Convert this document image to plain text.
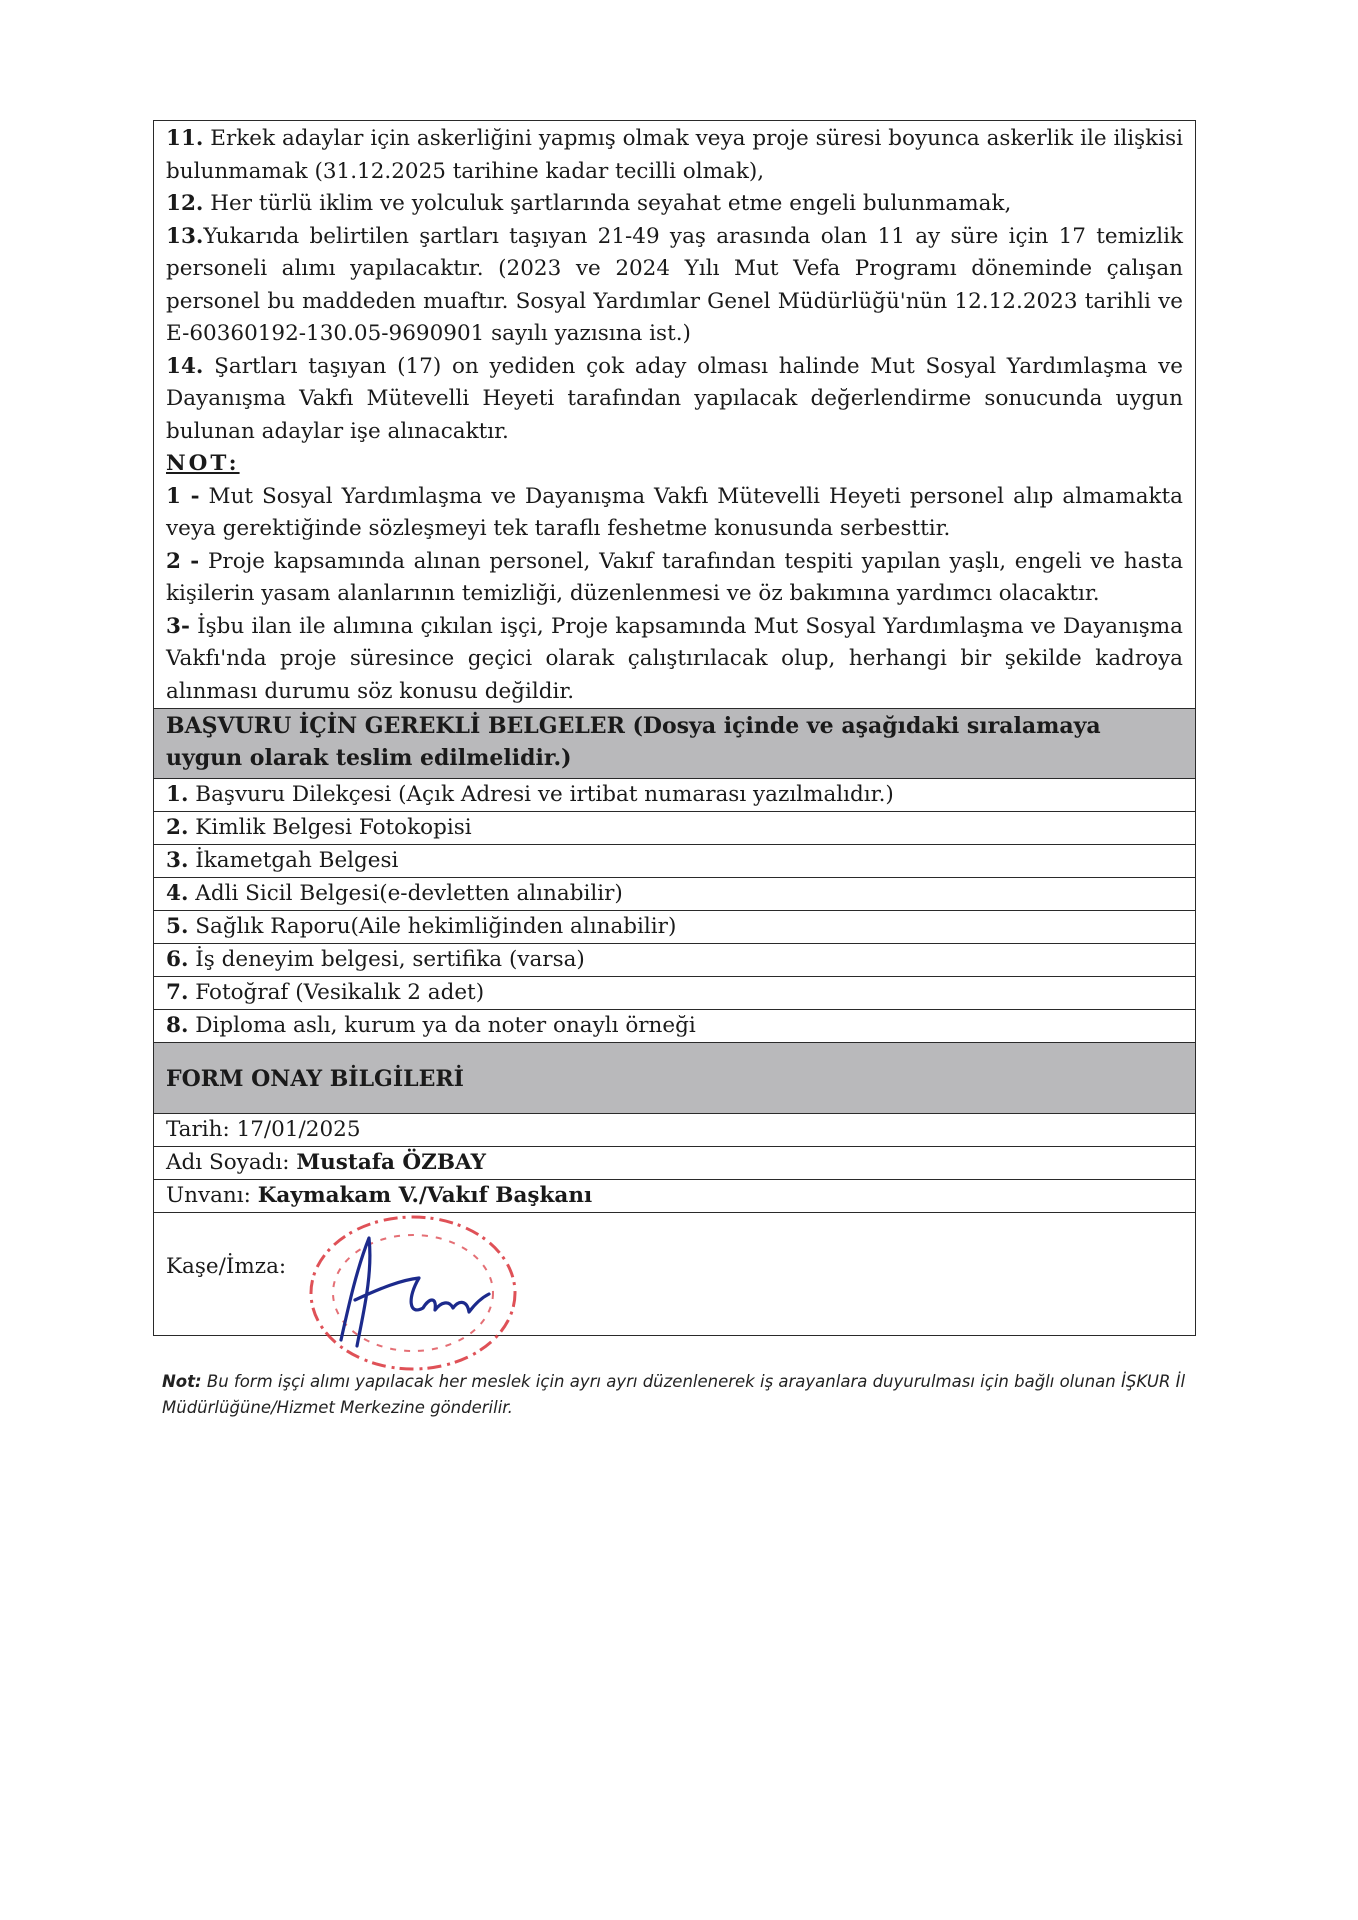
11. Erkek adaylar için askerliğini yapmış olmak veya proje süresi boyunca askerlik ile ilişkisi bulunmamak (31.12.2025 tarihine kadar tecilli olmak),

12. Her türlü iklim ve yolculuk şartlarında seyahat etme engeli bulunmamak,

13.Yukarıda belirtilen şartları taşıyan 21-49 yaş arasında olan 11 ay süre için 17 temizlik personeli alımı yapılacaktır. (2023 ve 2024 Yılı Mut Vefa Programı döneminde çalışan personel bu maddeden muaftır. Sosyal Yardımlar Genel Müdürlüğü'nün 12.12.2023 tarihli ve E-60360192-130.05-9690901 sayılı yazısına ist.)

14. Şartları taşıyan (17) on yediden çok aday olması halinde Mut Sosyal Yardımlaşma ve Dayanışma Vakfı Mütevelli Heyeti tarafından yapılacak değerlendirme sonucunda uygun bulunan adaylar işe alınacaktır.

NOT:

1 - Mut Sosyal Yardımlaşma ve Dayanışma Vakfı Mütevelli Heyeti personel alıp almamakta veya gerektiğinde sözleşmeyi tek taraflı feshetme konusunda serbesttir.

2 - Proje kapsamında alınan personel, Vakıf tarafından tespiti yapılan yaşlı, engeli ve hasta kişilerin yasam alanlarının temizliği, düzenlenmesi ve öz bakımına yardımcı olacaktır.

3- İşbu ilan ile alımına çıkılan işçi, Proje kapsamında Mut Sosyal Yardımlaşma ve Dayanışma Vakfı'nda proje süresince geçici olarak çalıştırılacak olup, herhangi bir şekilde kadroya alınması durumu söz konusu değildir.

BAŞVURU İÇİN GEREKLİ BELGELER (Dosya içinde ve aşağıdaki sıralamaya uygun olarak teslim edilmelidir.)
1. Başvuru Dilekçesi (Açık Adresi ve irtibat numarası yazılmalıdır.)
2. Kimlik Belgesi Fotokopisi
3. İkametgah Belgesi
4. Adli Sicil Belgesi(e-devletten alınabilir)
5. Sağlık Raporu(Aile hekimliğinden alınabilir)
6. İş deneyim belgesi, sertifika (varsa)
7. Fotoğraf (Vesikalık 2 adet)
8. Diploma aslı, kurum ya da noter onaylı örneği
FORM ONAY BİLGİLERİ
Tarih: 17/01/2025
Adı Soyadı: Mustafa ÖZBAY
Unvanı: Kaymakam V./Vakıf Başkanı

Kaşe/İmza:
Not: Bu form işçi alımı yapılacak her meslek için ayrı ayrı düzenlenerek iş arayanlara duyurulması için bağlı olunan İŞKUR İl Müdürlüğüne/Hizmet Merkezine gönderilir.
